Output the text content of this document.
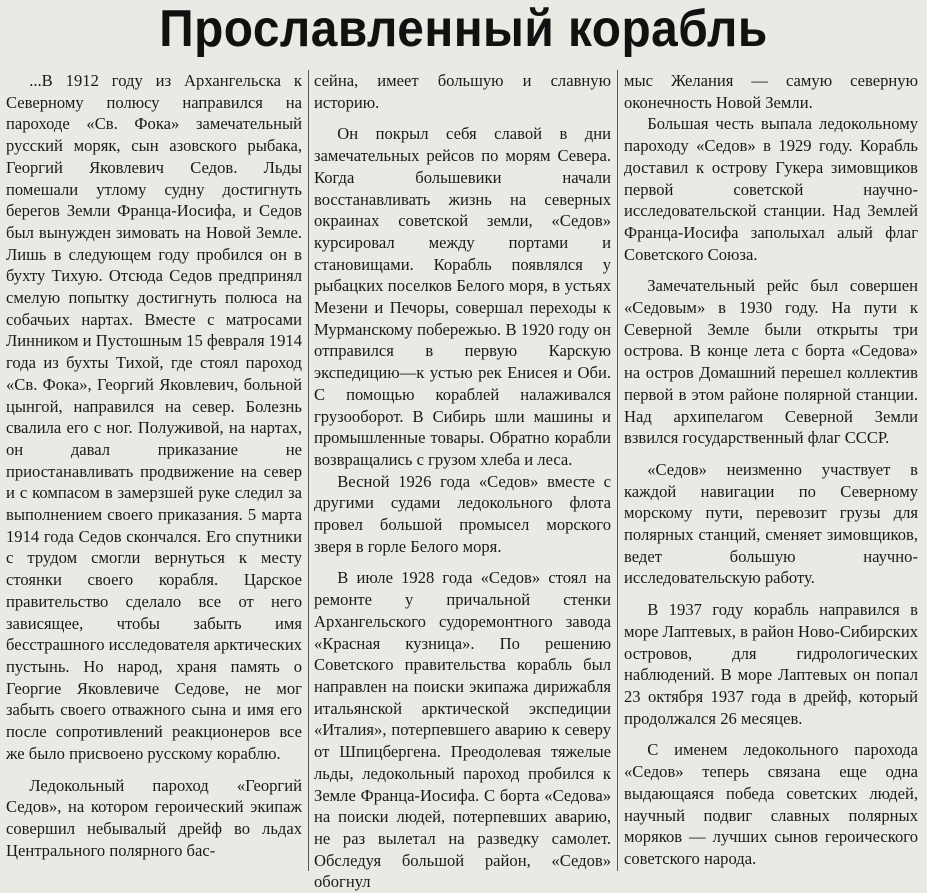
Прославленный корабль

...В 1912 году из Архангельска к Северному полюсу направился на пароходе «Св. Фока» замечательный русский моряк, сын азовского рыбака, Георгий Яковлевич Седов. Льды помешали утлому судну достигнуть берегов Земли Франца-Иосифа, и Седов был вынужден зимовать на Новой Земле. Лишь в следующем году пробился он в бухту Тихую. Отсюда Седов предпринял смелую попытку достигнуть полюса на собачьих нартах. Вместе с матросами Линником и Пустошным 15 февраля 1914 года из бухты Тихой, где стоял пароход «Св. Фока», Георгий Яковлевич, больной цынгой, направился на север. Болезнь свалила его с ног. Полуживой, на нартах, он давал приказание не приостанавливать продвижение на север и с компасом в замерзшей руке следил за выполнением своего приказания. 5 марта 1914 года Седов скончался. Его спутники с трудом смогли вернуться к месту стоянки своего корабля. Царское правительство сделало все от него зависящее, чтобы забыть имя бесстрашного исследователя арктических пустынь. Но народ, храня память о Георгие Яковлевиче Седове, не мог забыть своего отважного сына и имя его после сопротивлений реакционеров все же было присвоено русскому кораблю.

Ледокольный пароход «Георгий Седов», на котором героический экипаж совершил небывалый дрейф во льдах Центрального полярного бас-

сейна, имеет большую и славную историю.

Он покрыл себя славой в дни замечательных рейсов по морям Севера. Когда большевики начали восстанавливать жизнь на северных окраинах советской земли, «Седов» курсировал между портами и становищами. Корабль появлялся у рыбацких поселков Белого моря, в устьях Мезени и Печоры, совершал переходы к Мурманскому побережью. В 1920 году он отправился в первую Карскую экспедицию—к устью рек Енисея и Оби. С помощью кораблей налаживался грузооборот. В Сибирь шли машины и промышленные товары. Обратно корабли возвращались с грузом хлеба и леса.

Весной 1926 года «Седов» вместе с другими судами ледокольного флота провел большой промысел морского зверя в горле Белого моря.

В июле 1928 года «Седов» стоял на ремонте у причальной стенки Архангельского судоремонтного завода «Красная кузница». По решению Советского правительства корабль был направлен на поиски экипажа дирижабля итальянской арктической экспедиции «Италия», потерпевшего аварию к северу от Шпицбергена. Преодолевая тяжелые льды, ледокольный пароход пробился к Земле Франца-Иосифа. С борта «Седова» на поиски людей, потерпевших аварию, не раз вылетал на разведку самолет. Обследуя большой район, «Седов» обогнул

мыс Желания — самую северную оконечность Новой Земли.

Большая честь выпала ледокольному пароходу «Седов» в 1929 году. Корабль доставил к острову Гукера зимовщиков первой советской научно-исследовательской станции. Над Землей Франца-Иосифа заполыхал алый флаг Советского Союза.

Замечательный рейс был совершен «Седовым» в 1930 году. На пути к Северной Земле были открыты три острова. В конце лета с борта «Седова» на остров Домашний перешел коллектив первой в этом районе полярной станции. Над архипелагом Северной Земли взвился государственный флаг СССР.

«Седов» неизменно участвует в каждой навигации по Северному морскому пути, перевозит грузы для полярных станций, сменяет зимовщиков, ведет большую научно-исследовательскую работу.

В 1937 году корабль направился в море Лаптевых, в район Ново-Сибирских островов, для гидрологических наблюдений. В море Лаптевых он попал 23 октября 1937 года в дрейф, который продолжался 26 месяцев.

С именем ледокольного парохода «Седов» теперь связана еще одна выдающаяся победа советских людей, научный подвиг славных полярных моряков — лучших сынов героического советского народа.
